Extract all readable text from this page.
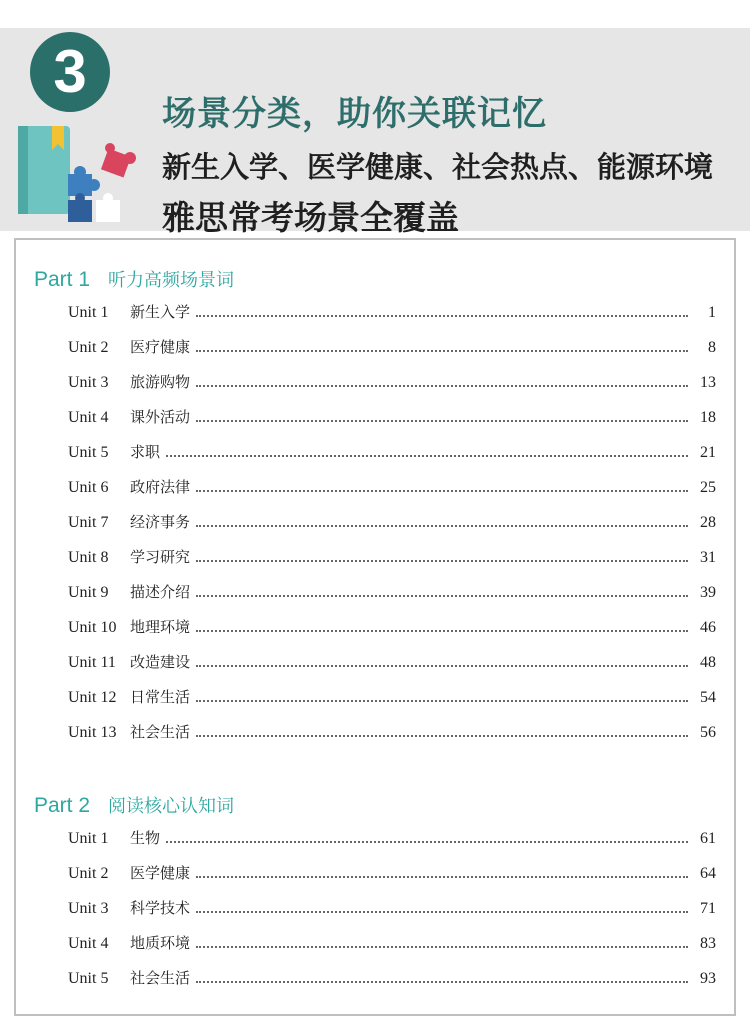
3
场景分类，助你关联记忆
新生入学、医学健康、社会热点、能源环境
雅思常考场景全覆盖
Part 1 听力高频场景词
Unit 1	新生入学	1
Unit 2	医疗健康	8
Unit 3	旅游购物	13
Unit 4	课外活动	18
Unit 5	求职	21
Unit 6	政府法律	25
Unit 7	经济事务	28
Unit 8	学习研究	31
Unit 9	描述介绍	39
Unit 10 地理环境	46
Unit 11 改造建设	48
Unit 12 日常生活	54
Unit 13 社会生活	56
Part 2 阅读核心认知词
Unit 1	生物	61
Unit 2	医学健康	64
Unit 3	科学技术	71
Unit 4	地质环境	83
Unit 5	社会生活	93
